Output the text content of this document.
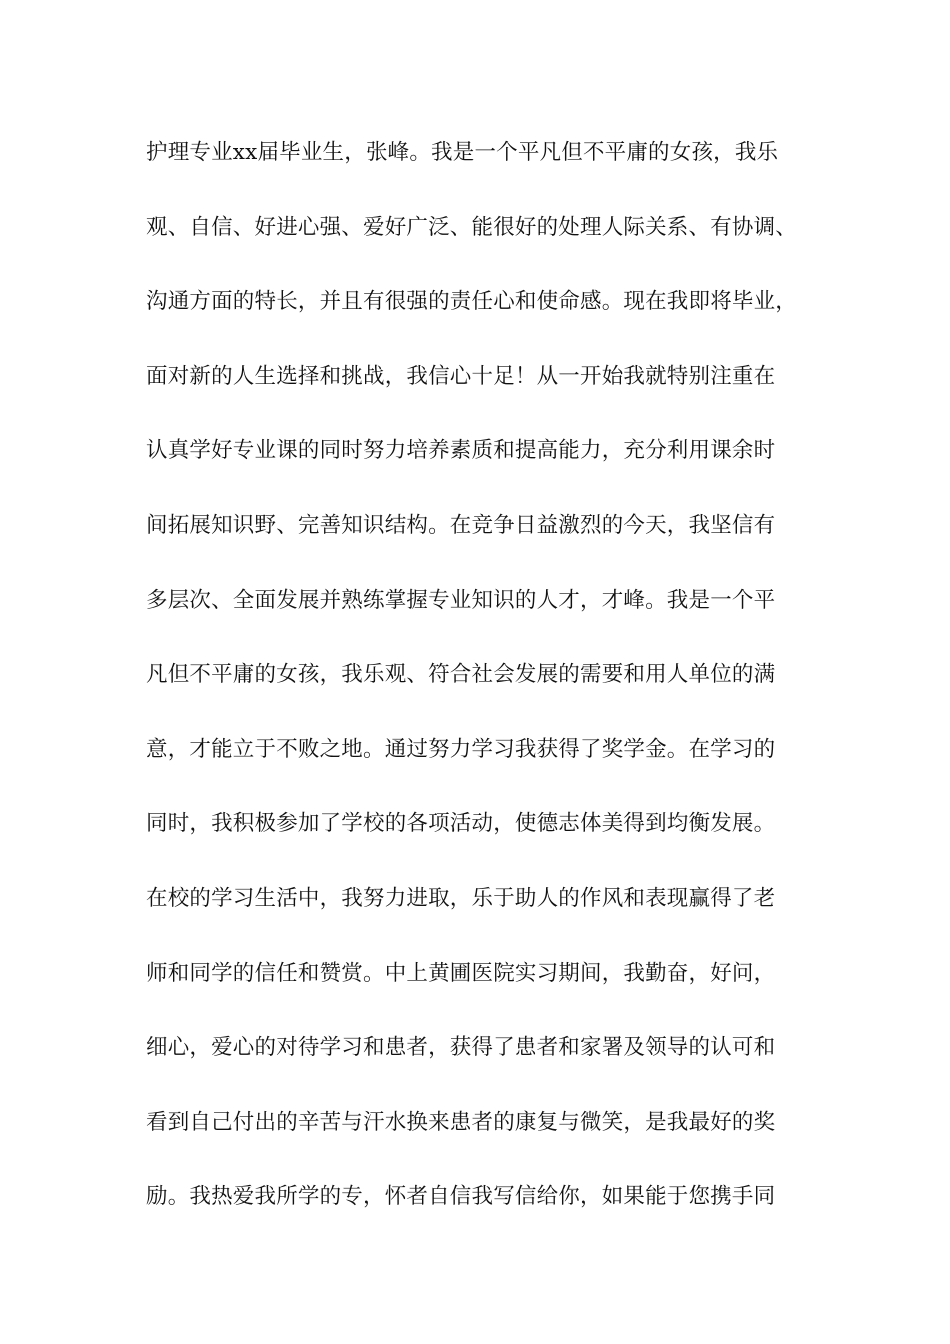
护理专业xx届毕业生，张峰。我是一个平凡但不平庸的女孩，我乐
观、自信、好进心强、爱好广泛、能很好的处理人际关系、有协调、
沟通方面的特长，并且有很强的责任心和使命感。现在我即将毕业，
面对新的人生选择和挑战，我信心十足！从一开始我就特别注重在
认真学好专业课的同时努力培养素质和提高能力，充分利用课余时
间拓展知识野、完善知识结构。在竞争日益激烈的今天，我坚信有
多层次、全面发展并熟练掌握专业知识的人才，才峰。我是一个平
凡但不平庸的女孩，我乐观、符合社会发展的需要和用人单位的满
意，才能立于不败之地。通过努力学习我获得了奖学金。在学习的
同时，我积极参加了学校的各项活动，使德志体美得到均衡发展。
在校的学习生活中，我努力进取，乐于助人的作风和表现赢得了老
师和同学的信任和赞赏。中上黄圃医院实习期间，我勤奋，好问，
细心，爱心的对待学习和患者，获得了患者和家署及领导的认可和
看到自己付出的辛苦与汗水换来患者的康复与微笑，是我最好的奖
励。我热爱我所学的专，怀者自信我写信给你，如果能于您携手同
